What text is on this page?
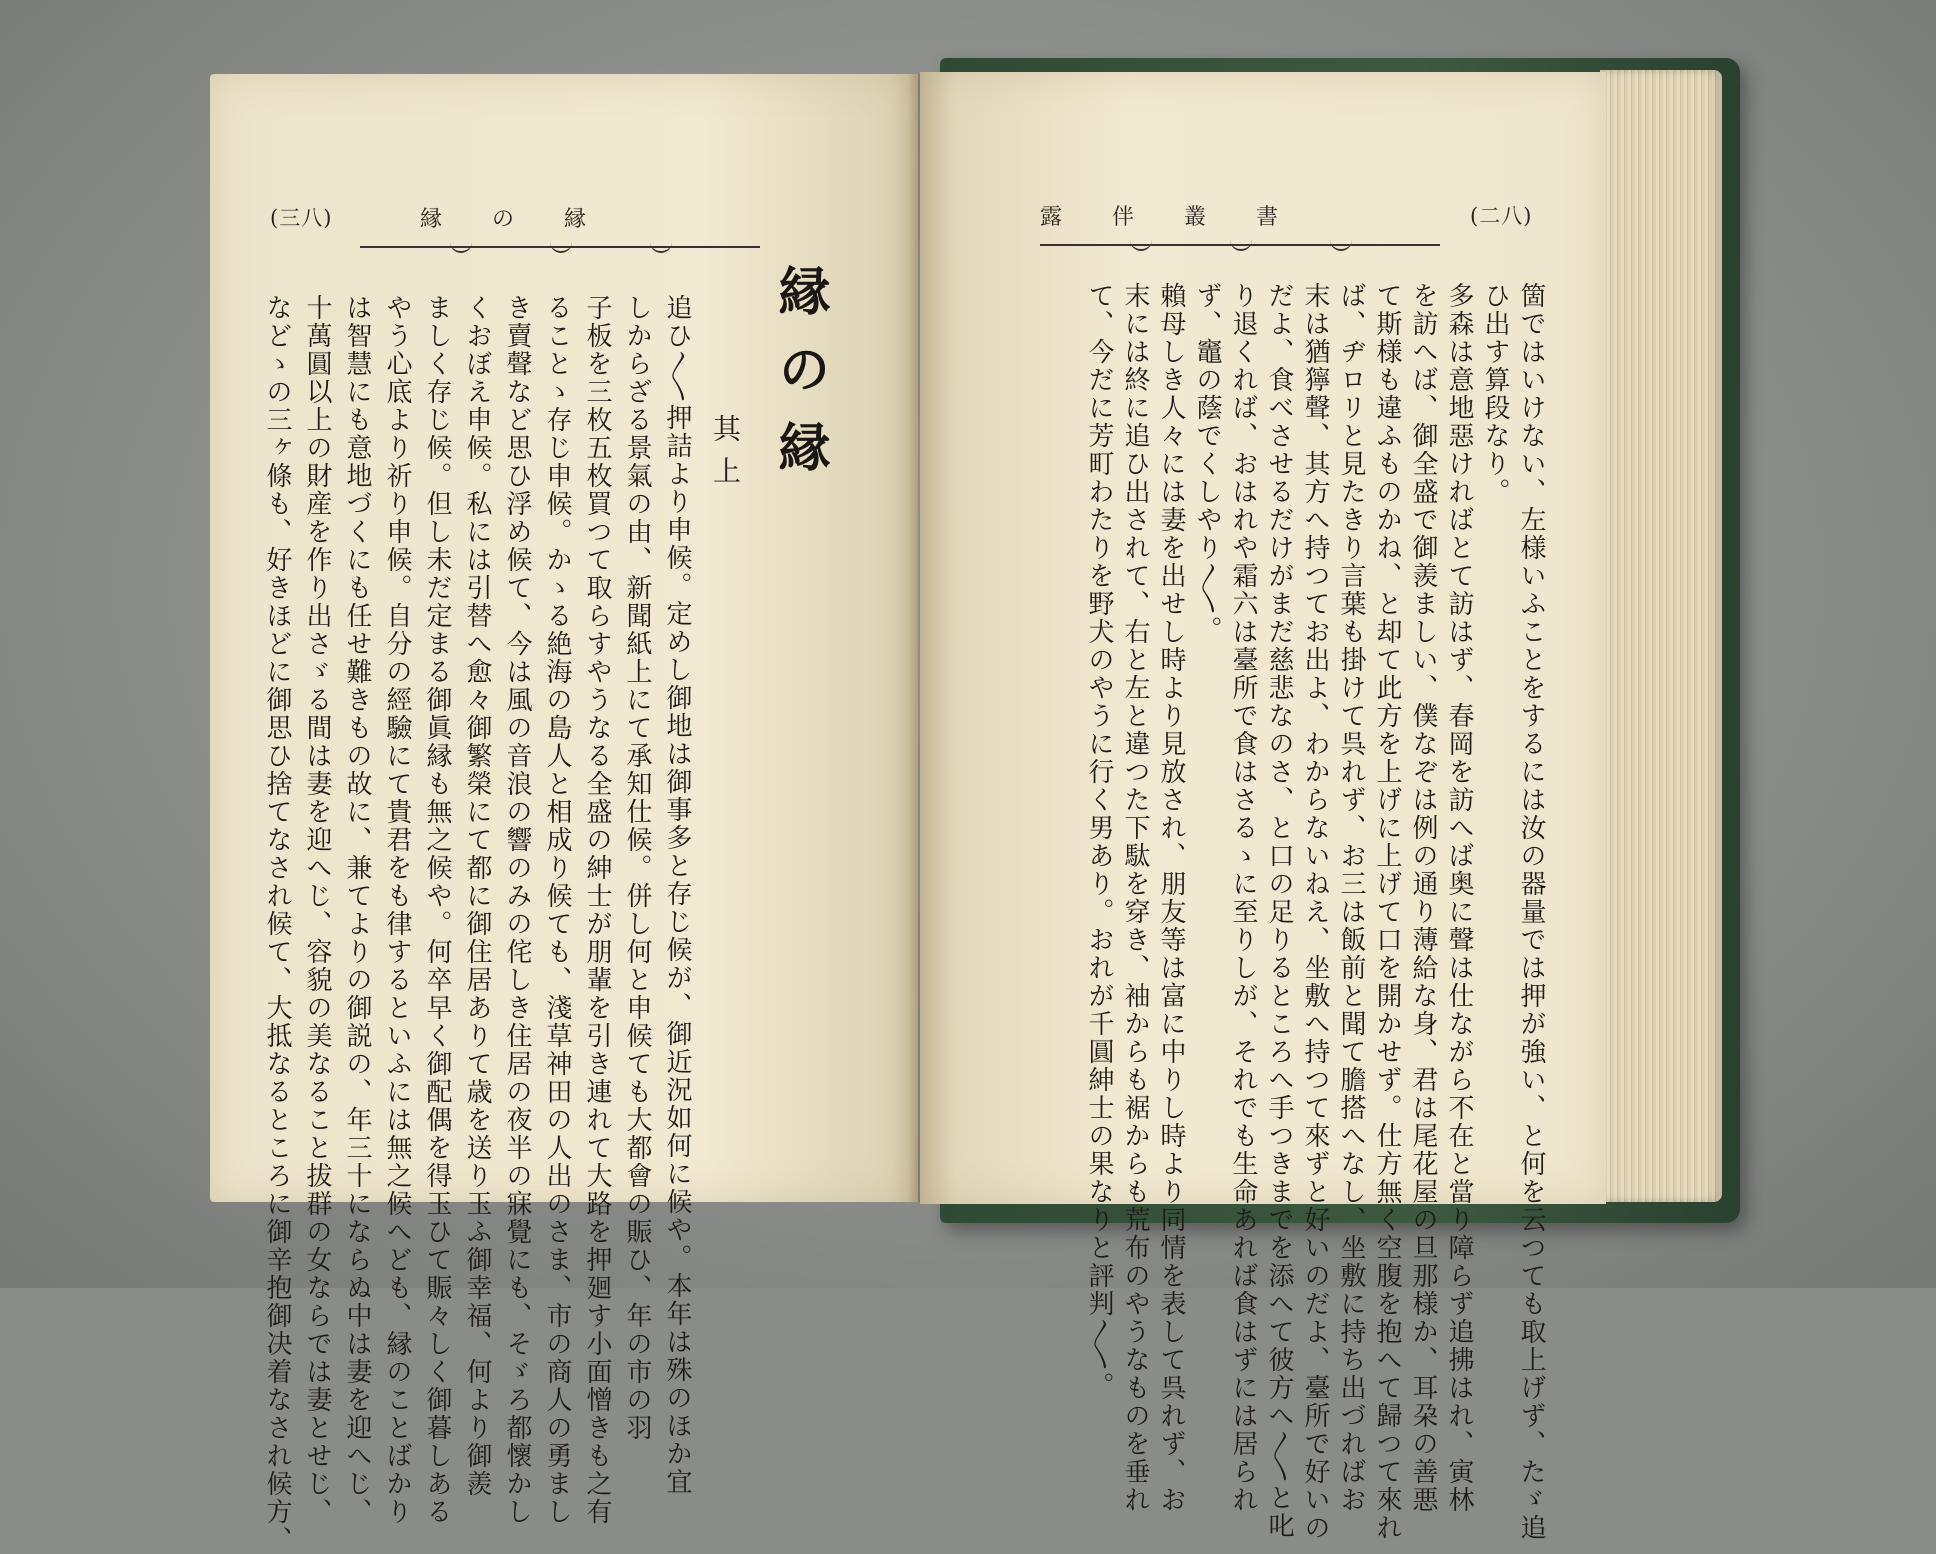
(三八)	縁　　の　　縁
縁の縁
其上
追ひ〳〵押詰より申候。定めし御地は御事多と存じ候が、御近況如何に候や。本年は殊のほか宜
しからざる景氣の由、新聞紙上にて承知仕候。併し何と申候ても大都會の賑ひ、年の市の羽
子板を三枚五枚買つて取らすやうなる全盛の紳士が朋輩を引き連れて大路を押廻す小面憎きも之有
ることゝ存じ申候。かゝる絶海の島人と相成り候ても、淺草神田の人出のさま、市の商人の勇まし
き賣聲など思ひ浮め候て、今は風の音浪の響のみの侘しき住居の夜半の寐覺にも、そゞろ都懷かし
くおぼえ申候。私には引替へ愈々御繁榮にて都に御住居ありて歳を送り玉ふ御幸福、何より御羨
ましく存じ候。但し未だ定まる御眞縁も無之候や。何卒早く御配偶を得玉ひて賑々しく御暮しある
やう心底より祈り申候。自分の經驗にて貴君をも律するといふには無之候へども、縁のことばかり
は智慧にも意地づくにも任せ難きもの故に、兼てよりの御説の、年三十にならぬ中は妻を迎へじ、
十萬圓以上の財産を作り出さゞる間は妻を迎へじ、容貌の美なること拔群の女ならでは妻とせじ、
などゝの三ヶ條も、好きほどに御思ひ捨てなされ候て、大抵なるところに御辛抱御决着なされ候方、
露　　伴　　叢　　書	(二八)
箇ではいけない、左様いふことをするには汝の器量では押が強い、と何を云つても取上げず、たゞ追
ひ出す算段なり。
多森は意地惡ければとて訪はず、春岡を訪へば奥に聲は仕ながら不在と當り障らず追拂はれ、寅林
を訪へば、御全盛で御羨ましい、僕なぞは例の通り薄給な身、君は尾花屋の旦那様か、耳朶の善悪
て斯様も違ふものかね、と却て此方を上げに上げて口を開かせず。仕方無く空腹を抱へて歸つて來れ
ば、ヂロリと見たきり言葉も掛けて呉れず、お三は飯前と聞て膽搭へなし、坐敷に持ち出づればお
末は猶獰聲、其方へ持つてお出よ、わからないねえ、坐敷へ持つて來ずと好いのだよ、臺所で好いの
だよ、食べさせるだけがまだ慈悲なのさ、と口の足りるところへ手つきまでを添へて彼方へ〳〵と叱
り退くれば、おはれや霜六は臺所で食はさるゝに至りしが、それでも生命あれば食はずには居られ
ず、竈の蔭でくしやり〳〵。
賴母しき人々には妻を出せし時より見放され、朋友等は富に中りし時より同情を表して呉れず、お
末には終に追ひ出されて、右と左と違つた下駄を穿き、袖からも裾からも荒布のやうなものを垂れ
て、今だに芳町わたりを野犬のやうに行く男あり。おれが千圓紳士の果なりと評判〳〵。
